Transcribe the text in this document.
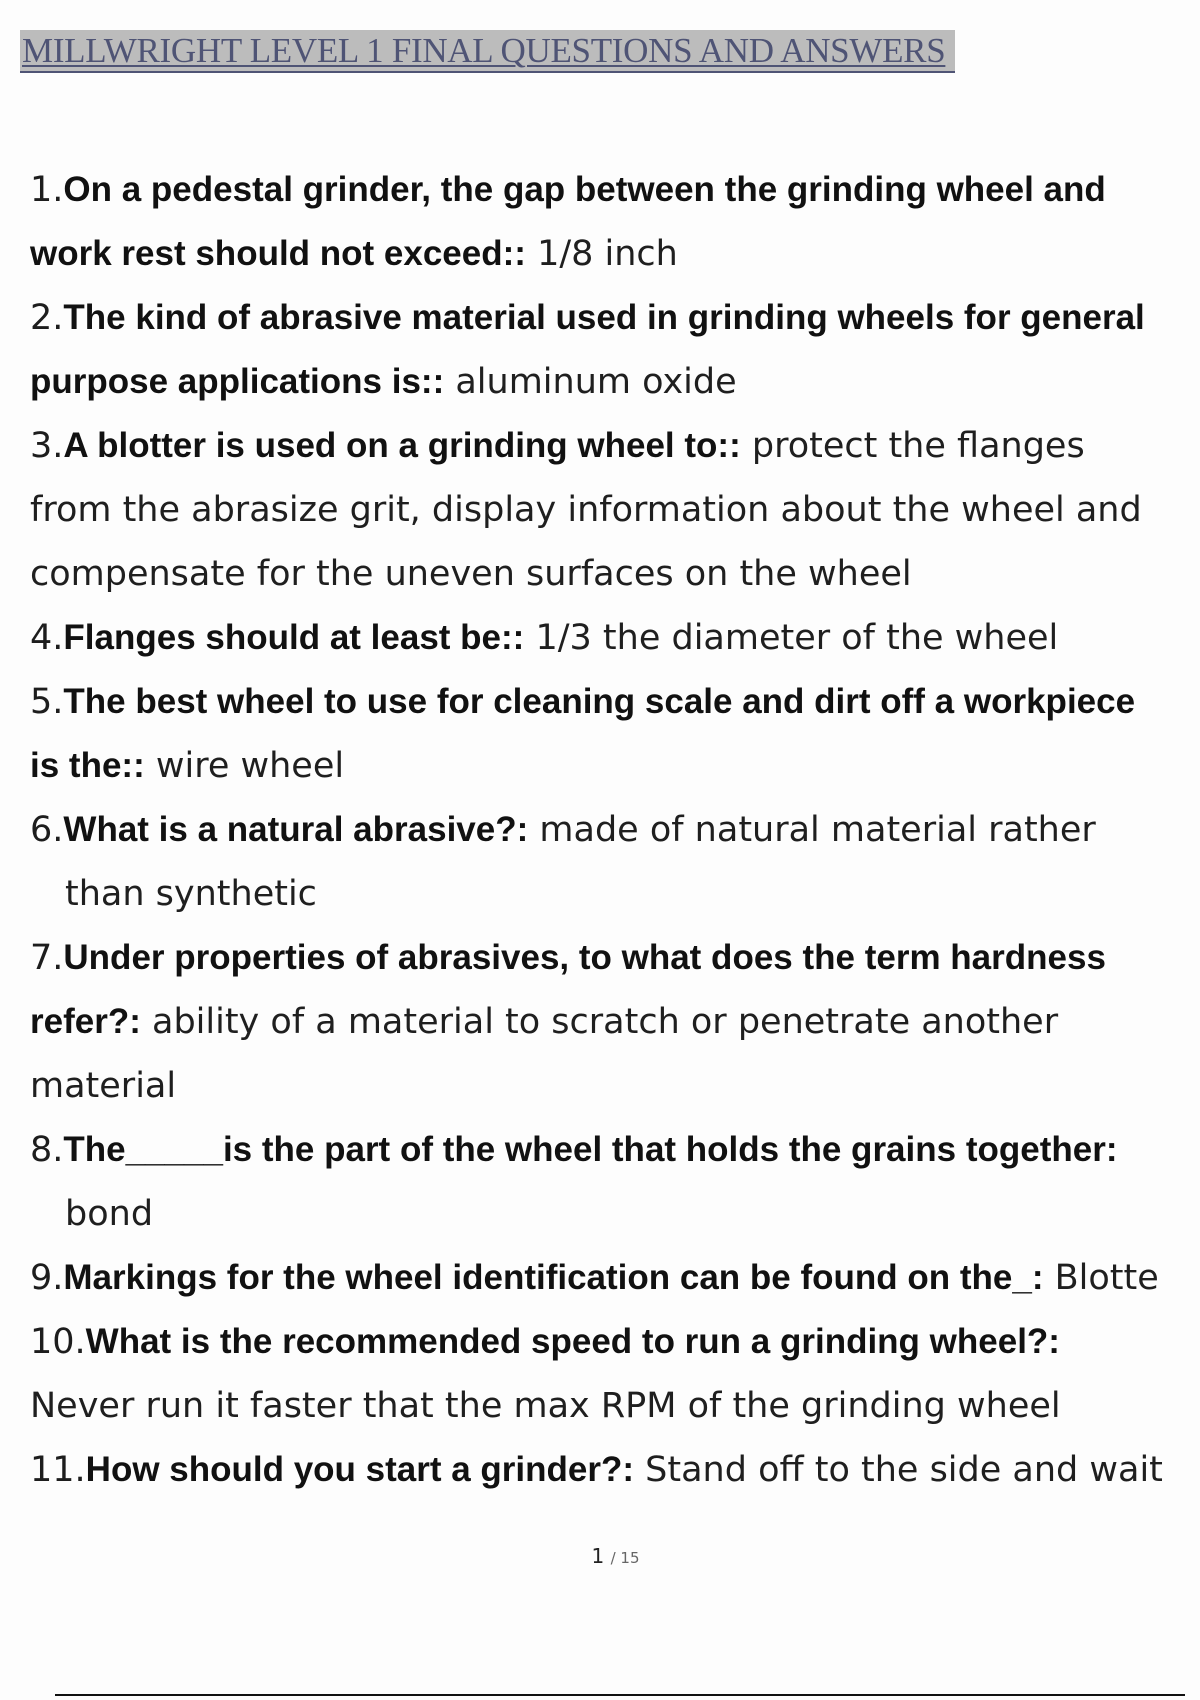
MILLWRIGHT LEVEL 1 FINAL QUESTIONS AND ANSWERS
1.On a pedestal grinder, the gap between the grinding wheel and
work rest should not exceed:: 1/8 inch
2.The kind of abrasive material used in grinding wheels for general
purpose applications is:: aluminum oxide
3.A blotter is used on a grinding wheel to:: protect the flanges
from the abrasize grit, display information about the wheel and
compensate for the uneven surfaces on the wheel
4.Flanges should at least be:: 1/3 the diameter of the wheel
5.The best wheel to use for cleaning scale and dirt off a workpiece
is the:: wire wheel
6.What is a natural abrasive?: made of natural material rather
than synthetic
7.Under properties of abrasives, to what does the term hardness
refer?: ability of a material to scratch or penetrate another
material
8.The_____is the part of the wheel that holds the grains together:
bond
9.Markings for the wheel identification can be found on the_: Blotte
10.What is the recommended speed to run a grinding wheel?:
Never run it faster that the max RPM of the grinding wheel
11.How should you start a grinder?: Stand off to the side and wait
1 / 15
